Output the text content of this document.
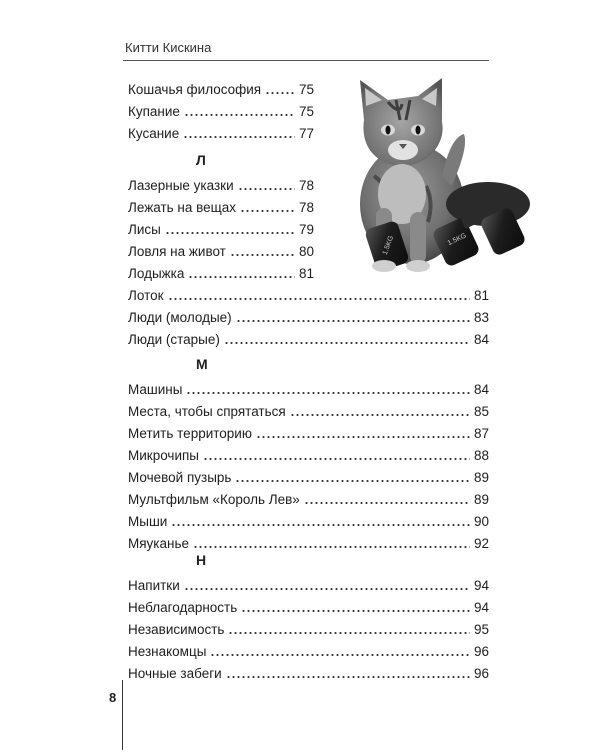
Китти Кискина
Кошачья философия	75
Купание	75
Кусание	77
Л
Лазерные указки	78
Лежать на вещах	78
Лисы	79
Ловля на живот	80
Лодыжка	81
Лоток	81
Люди (молодые)	83
Люди (старые)	84
М
Машины	84
Места, чтобы спрятаться	85
Метить территорию	87
Микрочипы	88
Мочевой пузырь	89
Мультфильм «Король Лев»	89
Мыши	90
Мяуканье	92
Н
Напитки	94
Неблагодарность	94
Независимость	95
Незнакомцы	96
Ночные забеги	96
1.5KG	1.5KG
8
